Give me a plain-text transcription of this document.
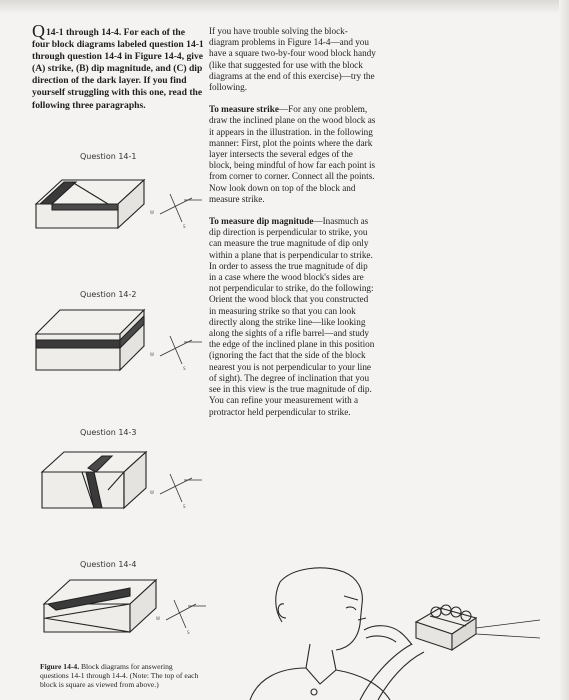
Q14-1 through 14-4. For each of the four block diagrams labeled question 14-1 through question 14-4 in Figure 14-4, give (A) strike, (B) dip magnitude, and (C) dip direction of the dark layer. If you find yourself struggling with this one, read the following three paragraphs.

Question 14-1
W
S
Question 14-2
W
S
Question 14-3
W
S
Question 14-4
W
S

Figure 14-4. Block diagrams for answering questions 14-1 through 14-4. (Note: The top of each block is square as viewed from above.)

If you have trouble solving the block-diagram problems in Figure 14-4—and you have a square two-by-four wood block handy (like that suggested for use with the block diagrams at the end of this exercise)—try the following.

To measure strike—For any one problem, draw the inclined plane on the wood block as it appears in the illustration. in the following manner: First, plot the points where the dark layer intersects the several edges of the block, being mindful of how far each point is from corner to corner. Connect all the points. Now look down on top of the block and measure strike.

To measure dip magnitude—Inasmuch as dip direction is perpendicular to strike, you can measure the true magnitude of dip only within a plane that is perpendicular to strike. In order to assess the true magnitude of dip in a case where the wood block's sides are not perpendicular to strike, do the following: Orient the wood block that you constructed in measuring strike so that you can look directly along the strike line—like looking along the sights of a rifle barrel—and study the edge of the inclined plane in this position (ignoring the fact that the side of the block nearest you is not perpendicular to your line of sight). The degree of inclination that you see in this view is the true magnitude of dip. You can refine your measurement with a protractor held perpendicular to strike.
